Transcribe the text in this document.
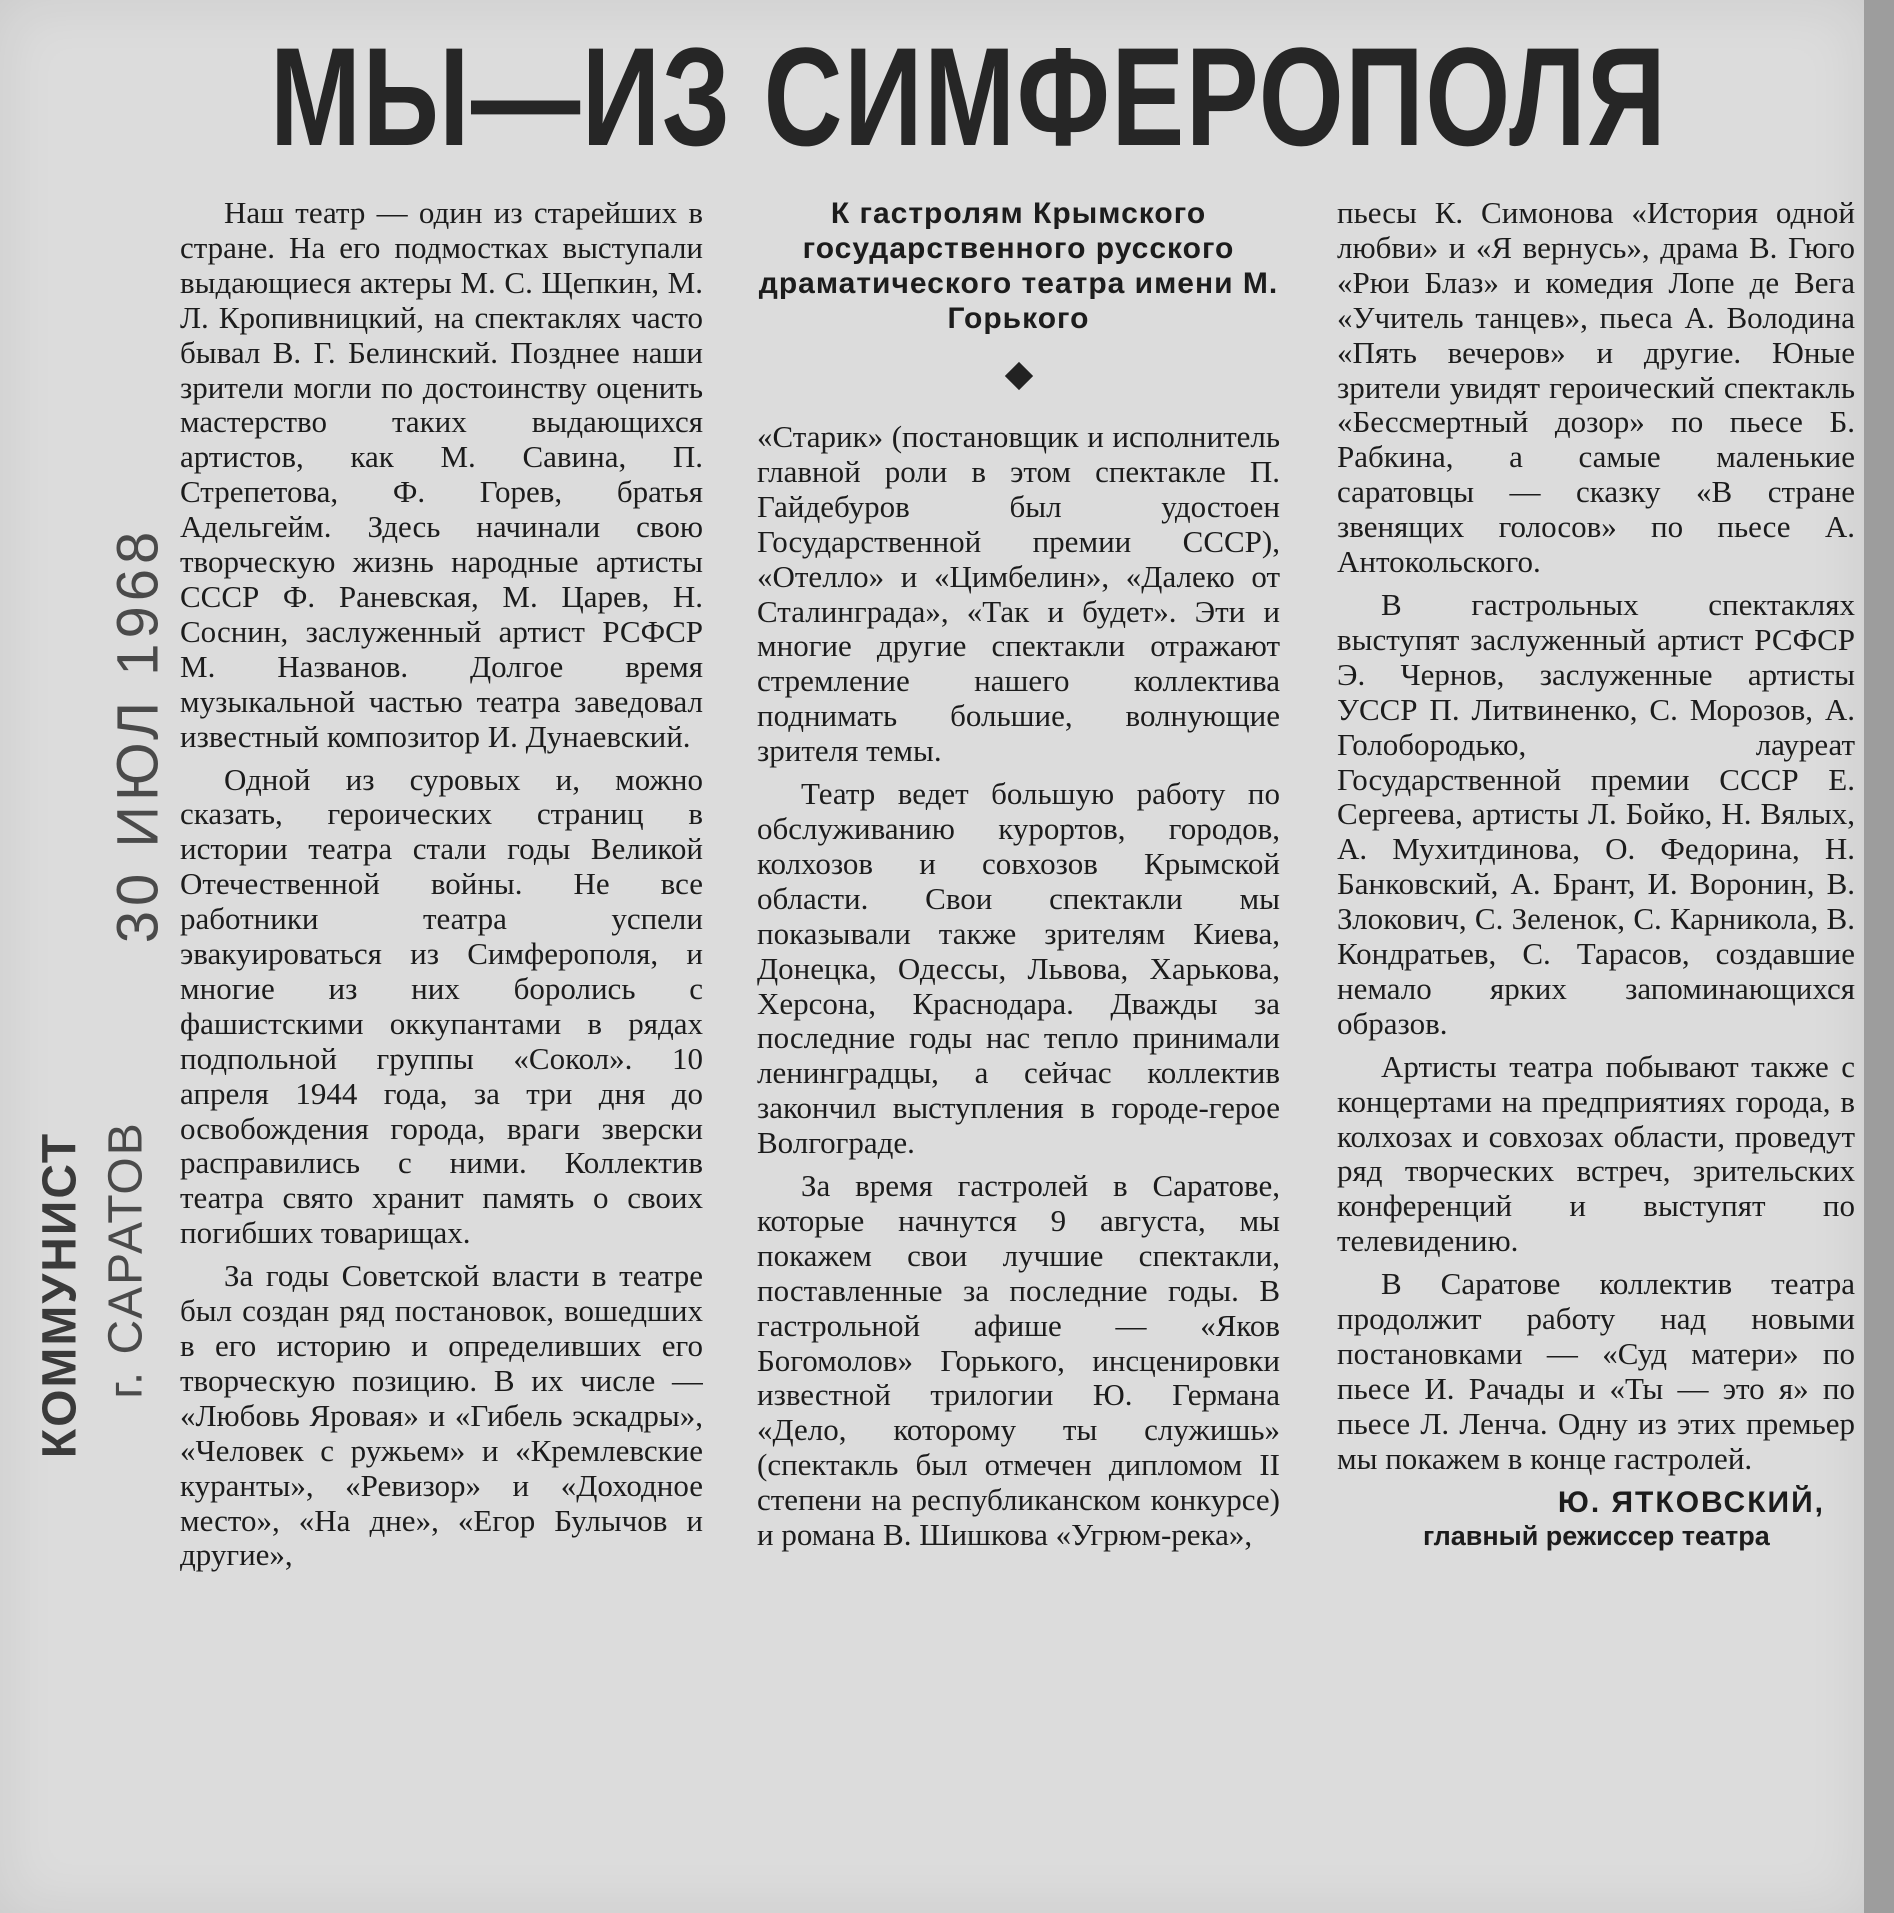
МЫ—ИЗ СИМФЕРОПОЛЯ
30 ИЮЛ 1968
КОММУНИСТ г. САРАТОВ

Наш театр — один из старейших в стране. На его подмостках выступали выдающиеся актеры М. С. Щепкин, М. Л. Кропивницкий, на спектаклях часто бывал В. Г. Белинский. Позднее наши зрители могли по достоинству оценить мастерство таких выдающихся артистов, как М. Савина, П. Стрепетова, Ф. Горев, братья Адельгейм. Здесь начинали свою творческую жизнь народные артисты СССР Ф. Раневская, М. Царев, Н. Соснин, заслуженный артист РСФСР М. Названов. Долгое время музыкальной частью театра заведовал известный композитор И. Дунаевский.

Одной из суровых и, можно сказать, героических страниц в истории театра стали годы Великой Отечественной войны. Не все работники театра успели эвакуироваться из Симферополя, и многие из них боролись с фашистскими оккупантами в рядах подпольной группы «Сокол». 10 апреля 1944 года, за три дня до освобождения города, враги зверски расправились с ними. Коллектив театра свято хранит память о своих погибших товарищах.

За годы Советской власти в театре был создан ряд постановок, вошедших в его историю и определивших его творческую позицию. В их числе — «Любовь Яровая» и «Гибель эскадры», «Человек с ружьем» и «Кремлевские куранты», «Ревизор» и «Доходное место», «На дне», «Егор Булычов и другие»,

К гастролям Крымского государственного русского драматического театра имени М. Горького

«Старик» (постановщик и исполнитель главной роли в этом спектакле П. Гайдебуров был удостоен Государственной премии СССР), «Отелло» и «Цимбелин», «Далеко от Сталинграда», «Так и будет». Эти и многие другие спектакли отражают стремление нашего коллектива поднимать большие, волнующие зрителя темы.

Театр ведет большую работу по обслуживанию курортов, городов, колхозов и совхозов Крымской области. Свои спектакли мы показывали также зрителям Киева, Донецка, Одессы, Львова, Харькова, Херсона, Краснодара. Дважды за последние годы нас тепло принимали ленинградцы, а сейчас коллектив закончил выступления в городе-герое Волгограде.

За время гастролей в Саратове, которые начнутся 9 августа, мы покажем свои лучшие спектакли, поставленные за последние годы. В гастрольной афише — «Яков Богомолов» Горького, инсценировки известной трилогии Ю. Германа «Дело, которому ты служишь» (спектакль был отмечен дипломом II степени на республиканском конкурсе) и романа В. Шишкова «Угрюм-река»,

пьесы К. Симонова «История одной любви» и «Я вернусь», драма В. Гюго «Рюи Блаз» и комедия Лопе де Вега «Учитель танцев», пьеса А. Володина «Пять вечеров» и другие. Юные зрители увидят героический спектакль «Бессмертный дозор» по пьесе Б. Рабкина, а самые маленькие саратовцы — сказку «В стране звенящих голосов» по пьесе А. Антокольского.

В гастрольных спектаклях выступят заслуженный артист РСФСР Э. Чернов, заслуженные артисты УССР П. Литвиненко, С. Морозов, А. Голобородько, лауреат Государственной премии СССР Е. Сергеева, артисты Л. Бойко, Н. Вялых, А. Мухитдинова, О. Федорина, Н. Банковский, А. Брант, И. Воронин, В. Злокович, С. Зеленок, С. Карникола, В. Кондратьев, С. Тарасов, создавшие немало ярких запоминающихся образов.

Артисты театра побывают также с концертами на предприятиях города, в колхозах и совхозах области, проведут ряд творческих встреч, зрительских конференций и выступят по телевидению.

В Саратове коллектив театра продолжит работу над новыми постановками — «Суд матери» по пьесе И. Рачады и «Ты — это я» по пьесе Л. Ленча. Одну из этих премьер мы покажем в конце гастролей.

Ю. ЯТКОВСКИЙ,
главный режиссер театра
